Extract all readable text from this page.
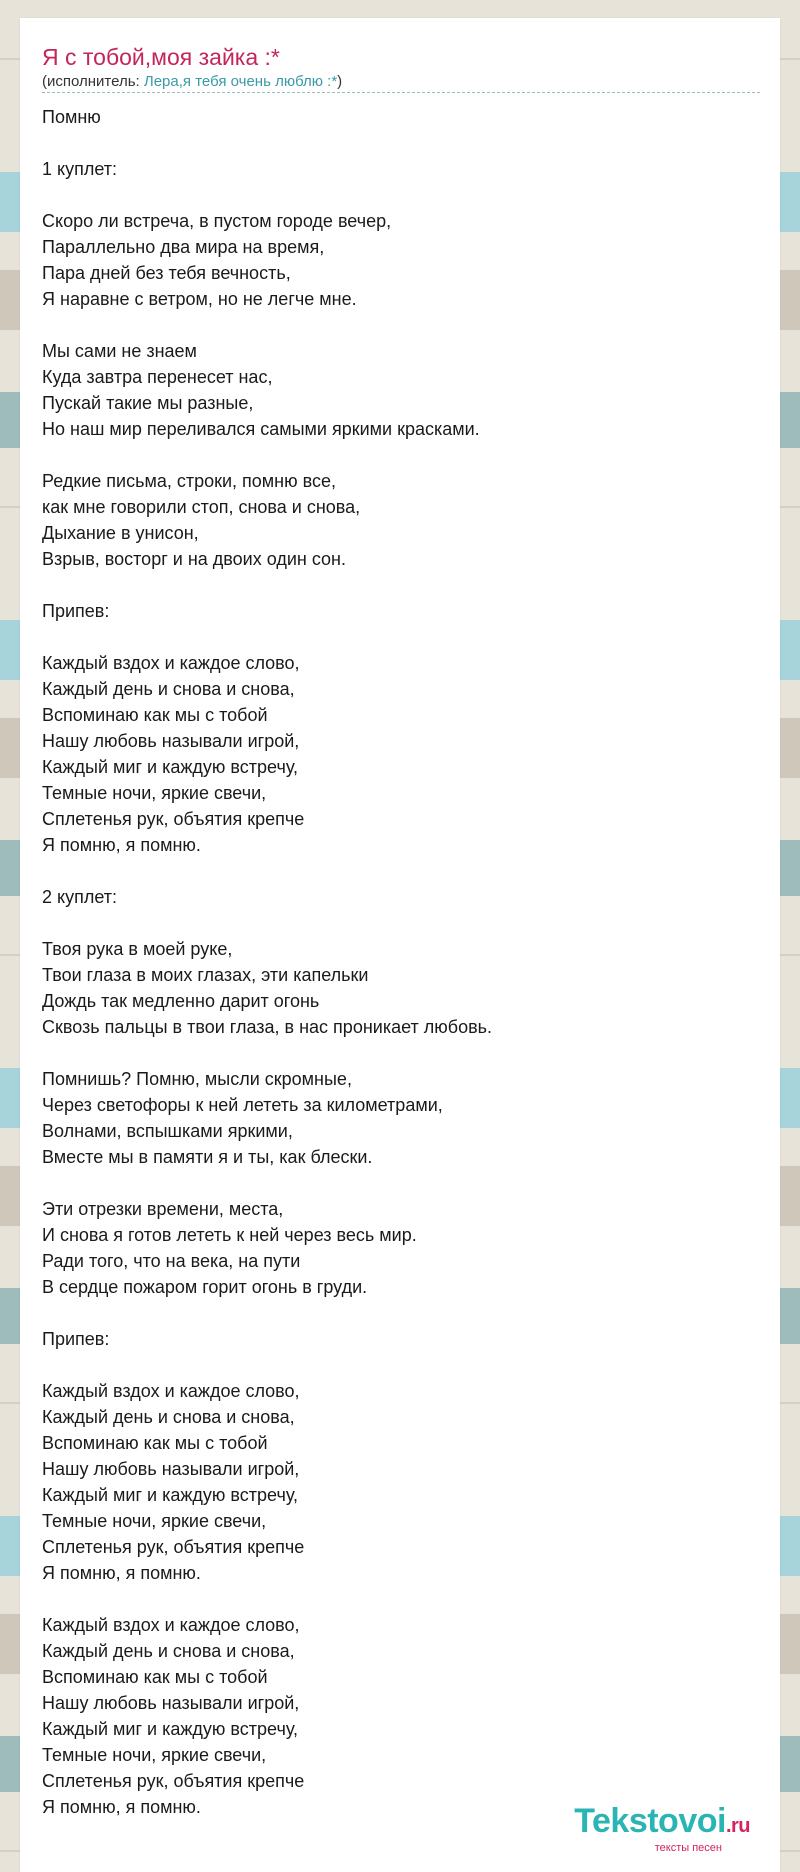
Я с тобой,моя зайка :*

(исполнитель: Лера,я тебя очень люблю :*)

Помню
1 куплет:
Скоро ли встреча, в пустом городе вечер,
Параллельно два мира на время,
Пара дней без тебя вечность,
Я наравне с ветром, но не легче мне.
Мы сами не знаем
Куда завтра перенесет нас,
Пускай такие мы разные,
Но наш мир переливался самыми яркими красками.
Редкие письма, строки, помню все,
как мне говорили стоп, снова и снова,
Дыхание в унисон,
Взрыв, восторг и на двоих один сон.
Припев:
Каждый вздох и каждое слово,
Каждый день и снова и снова,
Вспоминаю как мы с тобой
Нашу любовь называли игрой,
Каждый миг и каждую встречу,
Темные ночи, яркие свечи,
Сплетенья рук, объятия крепче
Я помню, я помню.
2 куплет:
Твоя рука в моей руке,
Твои глаза в моих глазах, эти капельки
Дождь так медленно дарит огонь
Сквозь пальцы в твои глаза, в нас проникает любовь.
Помнишь? Помню, мысли скромные,
Через светофоры к ней лететь за километрами,
Волнами, вспышками яркими,
Вместе мы в памяти я и ты, как блески.
Эти отрезки времени, места,
И снова я готов лететь к ней через весь мир.
Ради того, что на века, на пути
В сердце пожаром горит огонь в груди.
Припев:
Каждый вздох и каждое слово,
Каждый день и снова и снова,
Вспоминаю как мы с тобой
Нашу любовь называли игрой,
Каждый миг и каждую встречу,
Темные ночи, яркие свечи,
Сплетенья рук, объятия крепче
Я помню, я помню.
Каждый вздох и каждое слово,
Каждый день и снова и снова,
Вспоминаю как мы с тобой
Нашу любовь называли игрой,
Каждый миг и каждую встречу,
Темные ночи, яркие свечи,
Сплетенья рук, объятия крепче
Я помню, я помню.	Tekstovoi.ru
тексты песен
